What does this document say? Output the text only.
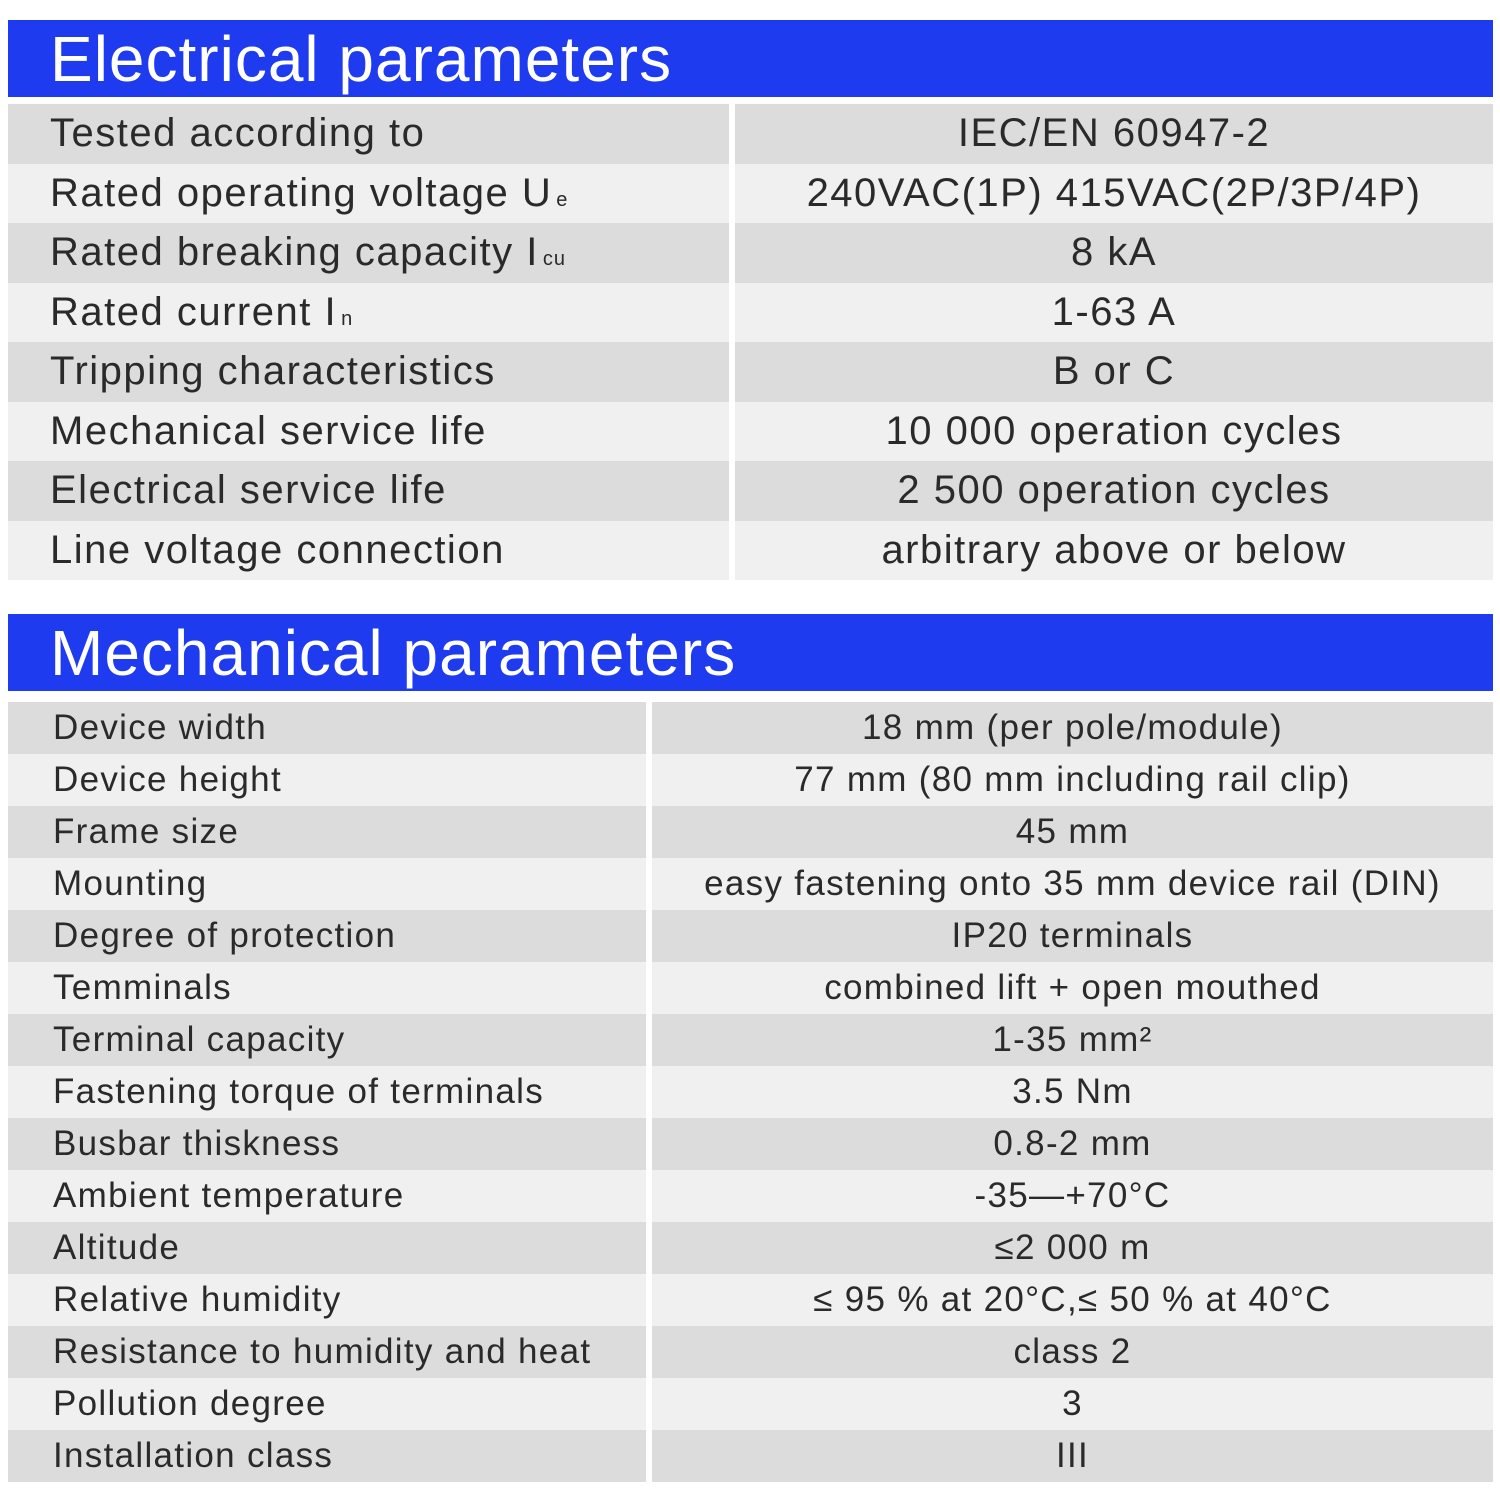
Electrical parameters
Tested according to	IEC/EN 60947-2
Rated operating voltage U e	240VAC(1P) 415VAC(2P/3P/4P)
Rated breaking capacity I cu	8 kA
Rated current I n	1-63 A
Tripping characteristics	B or C
Mechanical service life	10 000 operation cycles
Electrical service life	2 500 operation cycles
Line voltage connection	arbitrary above or below
Mechanical parameters
Device width	18 mm (per pole/module)
Device height	77 mm (80 mm including rail clip)
Frame size	45 mm
Mounting	easy fastening onto 35 mm device rail (DIN)
Degree of protection	IP20 terminals
Temminals	combined lift + open mouthed
Terminal capacity	1-35 mm²
Fastening torque of terminals	3.5 Nm
Busbar thiskness	0.8-2 mm
Ambient temperature	-35—+70°C
Altitude	≤2 000 m
Relative humidity	≤ 95 % at 20°C,≤ 50 % at 40°C
Resistance to humidity and heat	class 2
Pollution degree	3
Installation class	III
